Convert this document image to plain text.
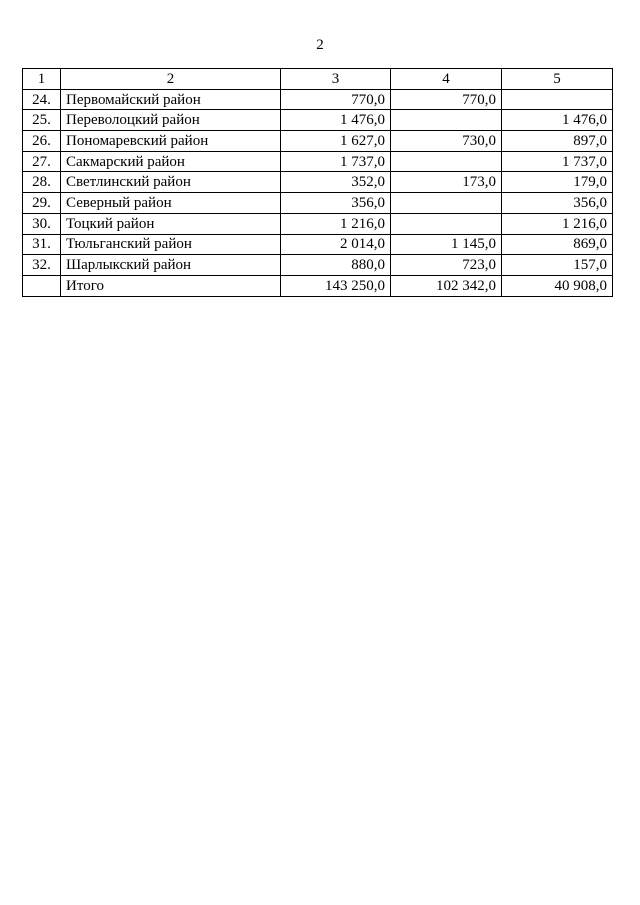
2
1	2	3	4	5
24.	Первомайский район	770,0	770,0	
25.	Переволоцкий район	1 476,0		1 476,0
26.	Пономаревский район	1 627,0	730,0	897,0
27.	Сакмарский район	1 737,0		1 737,0
28.	Светлинский район	352,0	173,0	179,0
29.	Северный район	356,0		356,0
30.	Тоцкий район	1 216,0		1 216,0
31.	Тюльганский район	2 014,0	1 145,0	869,0
32.	Шарлыкский район	880,0	723,0	157,0
	Итого	143 250,0	102 342,0	40 908,0
